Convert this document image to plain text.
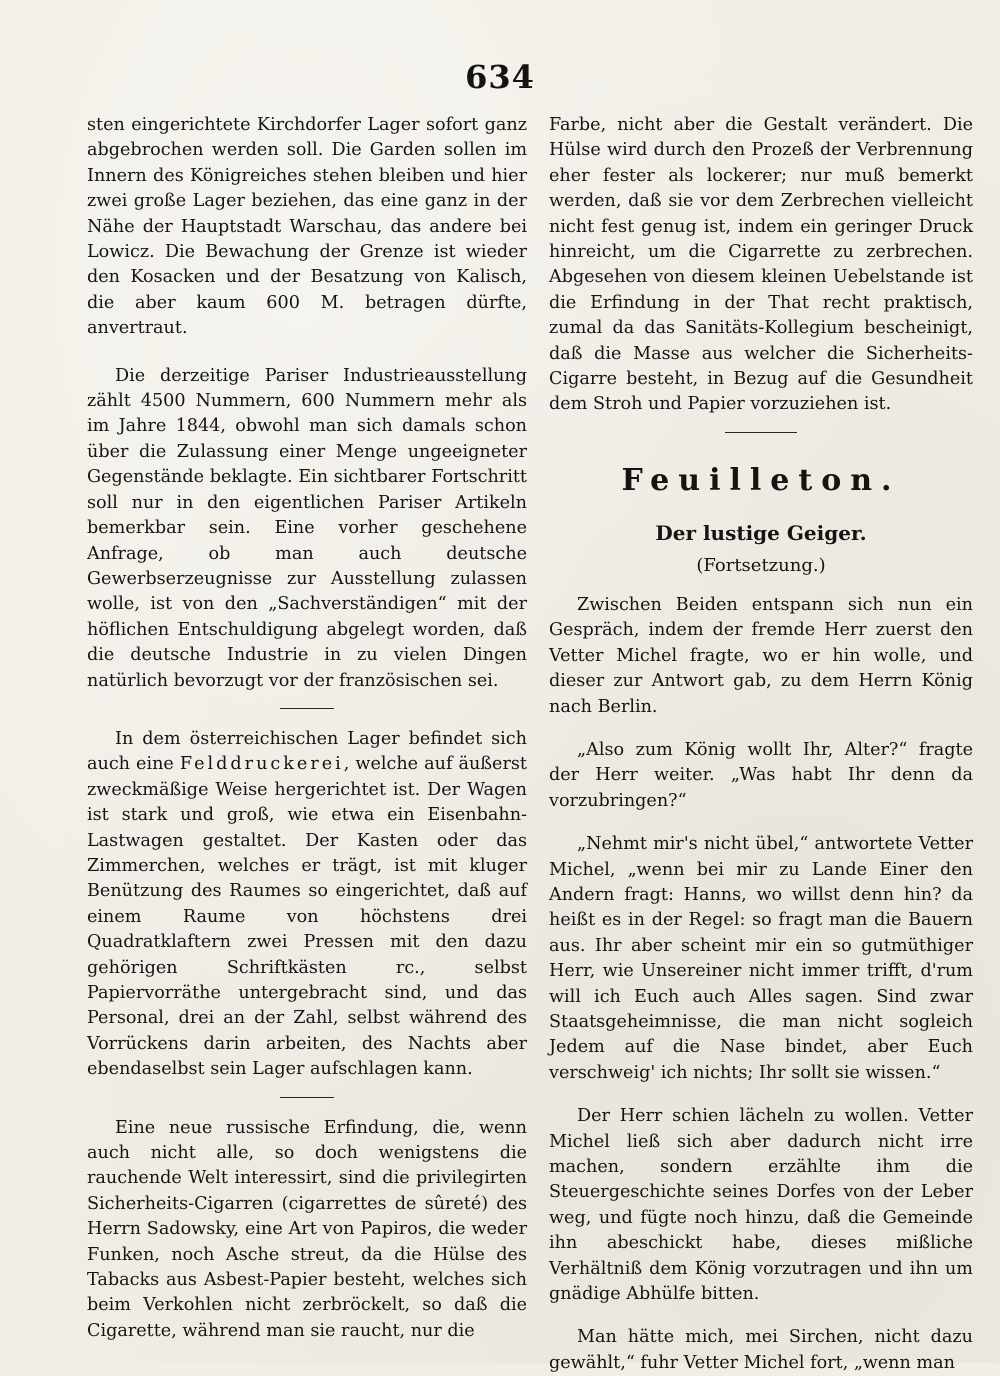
634

sten eingerichtete Kirchdorfer Lager sofort ganz abgebrochen werden soll. Die Garden sollen im Innern des Königreiches stehen bleiben und hier zwei große Lager beziehen, das eine ganz in der Nähe der Hauptstadt Warschau, das andere bei Lowicz. Die Bewachung der Grenze ist wieder den Kosacken und der Besatzung von Kalisch, die aber kaum 600 M. betragen dürfte, anvertraut.

Die derzeitige Pariser Industrieausstellung zählt 4500 Nummern, 600 Nummern mehr als im Jahre 1844, obwohl man sich damals schon über die Zulassung einer Menge ungeeigneter Gegenstände beklagte. Ein sichtbarer Fortschritt soll nur in den eigentlichen Pariser Artikeln bemerkbar sein. Eine vorher geschehene Anfrage, ob man auch deutsche Gewerbserzeugnisse zur Ausstellung zulassen wolle, ist von den „Sachverständigen“ mit der höflichen Entschuldigung abgelegt worden, daß die deutsche Industrie in zu vielen Dingen natürlich bevorzugt vor der französischen sei.

In dem österreichischen Lager befindet sich auch eine Felddruckerei, welche auf äußerst zweckmäßige Weise hergerichtet ist. Der Wagen ist stark und groß, wie etwa ein Eisenbahn-Lastwagen gestaltet. Der Kasten oder das Zimmerchen, welches er trägt, ist mit kluger Benützung des Raumes so eingerichtet, daß auf einem Raume von höchstens drei Quadratklaftern zwei Pressen mit den dazu gehörigen Schriftkästen rc., selbst Papiervorräthe untergebracht sind, und das Personal, drei an der Zahl, selbst während des Vorrückens darin arbeiten, des Nachts aber ebendaselbst sein Lager aufschlagen kann.

Eine neue russische Erfindung, die, wenn auch nicht alle, so doch wenigstens die rauchende Welt interessirt, sind die privilegirten Sicherheits-Cigarren (cigarrettes de sûreté) des Herrn Sadowsky, eine Art von Papiros, die weder Funken, noch Asche streut, da die Hülse des Tabacks aus Asbest-Papier besteht, welches sich beim Verkohlen nicht zerbröckelt, so daß die Cigarette, während man sie raucht, nur die

Farbe, nicht aber die Gestalt verändert. Die Hülse wird durch den Prozeß der Verbrennung eher fester als lockerer; nur muß bemerkt werden, daß sie vor dem Zerbrechen vielleicht nicht fest genug ist, indem ein geringer Druck hinreicht, um die Cigarrette zu zerbrechen. Abgesehen von diesem kleinen Uebelstande ist die Erfindung in der That recht praktisch, zumal da das Sanitäts-Kollegium bescheinigt, daß die Masse aus welcher die Sicherheits-Cigarre besteht, in Bezug auf die Gesundheit dem Stroh und Papier vorzuziehen ist.

Feuilleton.
Der lustige Geiger.
(Fortsetzung.)

Zwischen Beiden entspann sich nun ein Gespräch, indem der fremde Herr zuerst den Vetter Michel fragte, wo er hin wolle, und dieser zur Antwort gab, zu dem Herrn König nach Berlin.

„Also zum König wollt Ihr, Alter?“ fragte der Herr weiter. „Was habt Ihr denn da vorzubringen?“

„Nehmt mir's nicht übel,“ antwortete Vetter Michel, „wenn bei mir zu Lande Einer den Andern fragt: Hanns, wo willst denn hin? da heißt es in der Regel: so fragt man die Bauern aus. Ihr aber scheint mir ein so gutmüthiger Herr, wie Unsereiner nicht immer trifft, d'rum will ich Euch auch Alles sagen. Sind zwar Staatsgeheimnisse, die man nicht sogleich Jedem auf die Nase bindet, aber Euch verschweig' ich nichts; Ihr sollt sie wissen.“

Der Herr schien lächeln zu wollen. Vetter Michel ließ sich aber dadurch nicht irre machen, sondern erzählte ihm die Steuergeschichte seines Dorfes von der Leber weg, und fügte noch hinzu, daß die Gemeinde ihn abeschickt habe, dieses mißliche Verhältniß dem König vorzutragen und ihn um gnädige Abhülfe bitten.

Man hätte mich, mei Sirchen, nicht dazu gewählt,“ fuhr Vetter Michel fort, „wenn man
